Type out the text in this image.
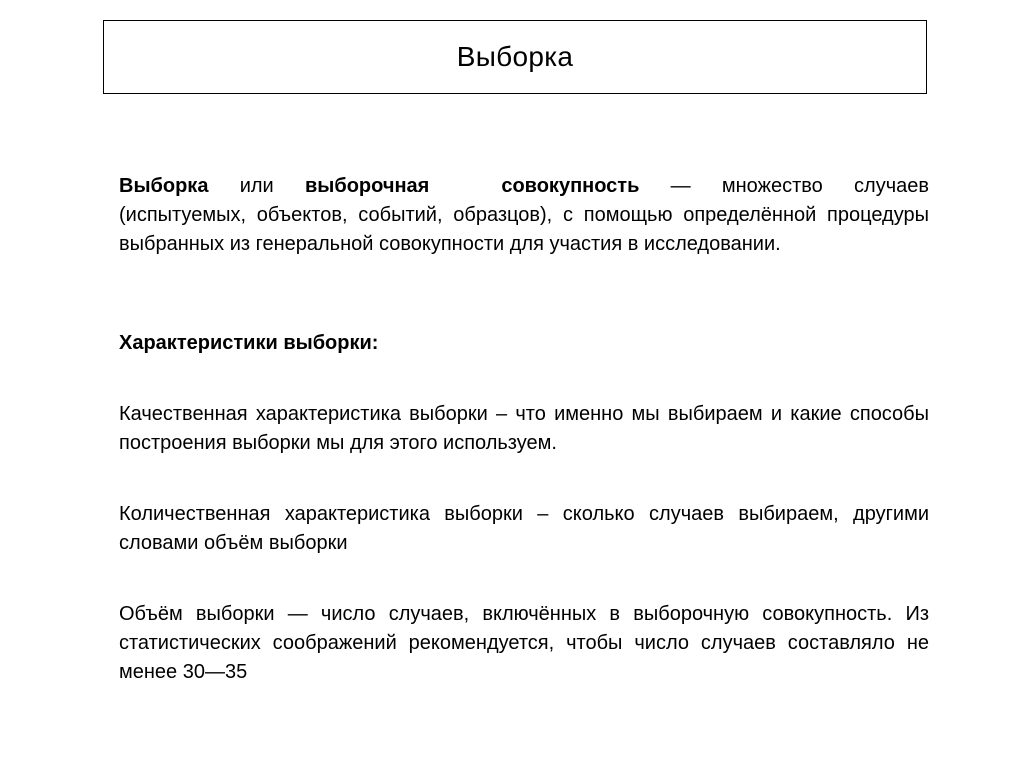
Выборка

Выборка или выборочная	совокупность — множество случаев (испытуемых, объектов, событий, образцов), с помощью определённой процедуры выбранных из генеральной совокупности для участия в исследовании.

Характеристики выборки:

Качественная характеристика выборки – что именно мы выбираем и какие способы построения выборки мы для этого используем.

Количественная характеристика выборки – сколько случаев выбираем, другими словами объём выборки

Объём выборки — число случаев, включённых в выборочную совокупность. Из статистических соображений рекомендуется, чтобы число случаев составляло не менее 30—35
